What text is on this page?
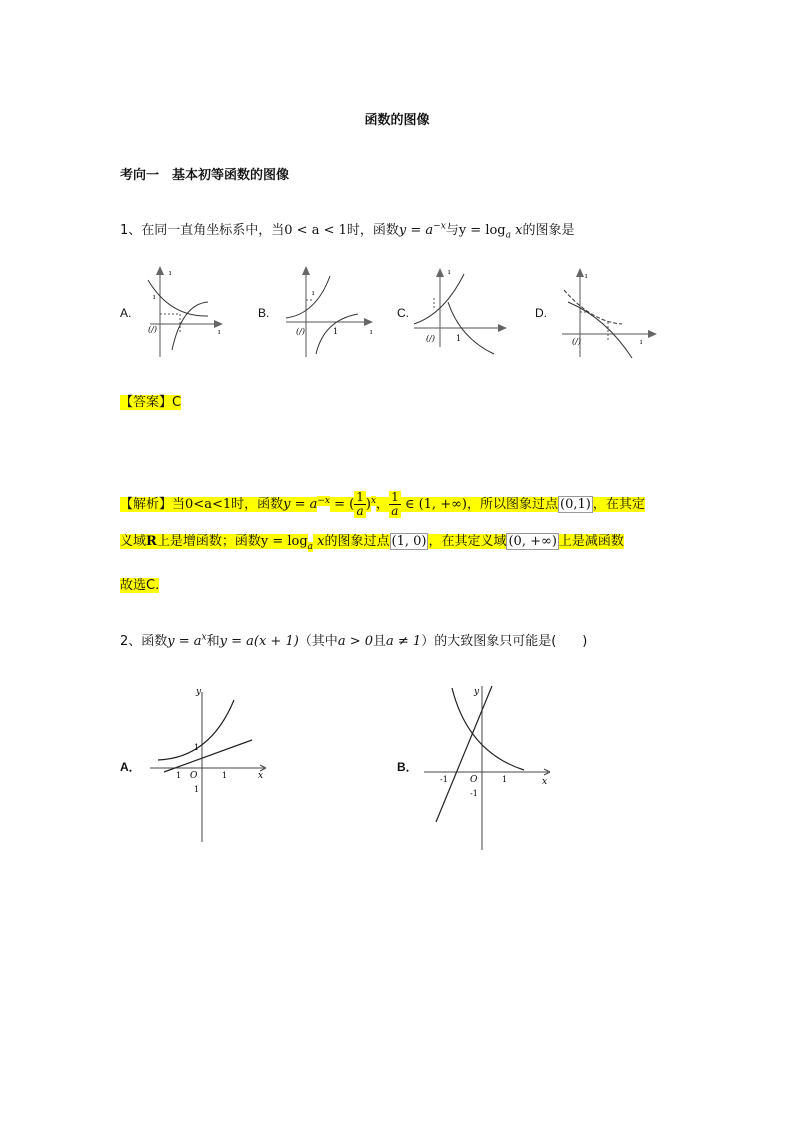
函数的图像
考向一　基本初等函数的图像
1、在同一直角坐标系中，当0 < a < 1时，函数$y = a^{-x}$与$y = \log_a x$的图象是
A.	B.	C.	D.
ı
ı
(/)	ı
ı
(/)	1	ı
ı
(/)	1
ı
(/)	ı
【答案】C
【解析】当0<a<1时，函数$y = a^{-x}$ = ( $\frac{1}{a} )^x$， $\frac{1}{a}$ ∈ (1, +∞)，所以图象过点 (0,1) ，在其定
义域R上是增函数；函数$y = \log_a x$的图象过点 (1, 0) ，在其定义域 (0, +∞) 上是减函数
故选C.
2、函数$y = a^x$和y = a(x + 1)（其中a > 0且a ≠ 1）的大致图象只可能是(　　)
A．	B．
y
x
O
1
1	1
1
y
x
O
-1	1
-1
